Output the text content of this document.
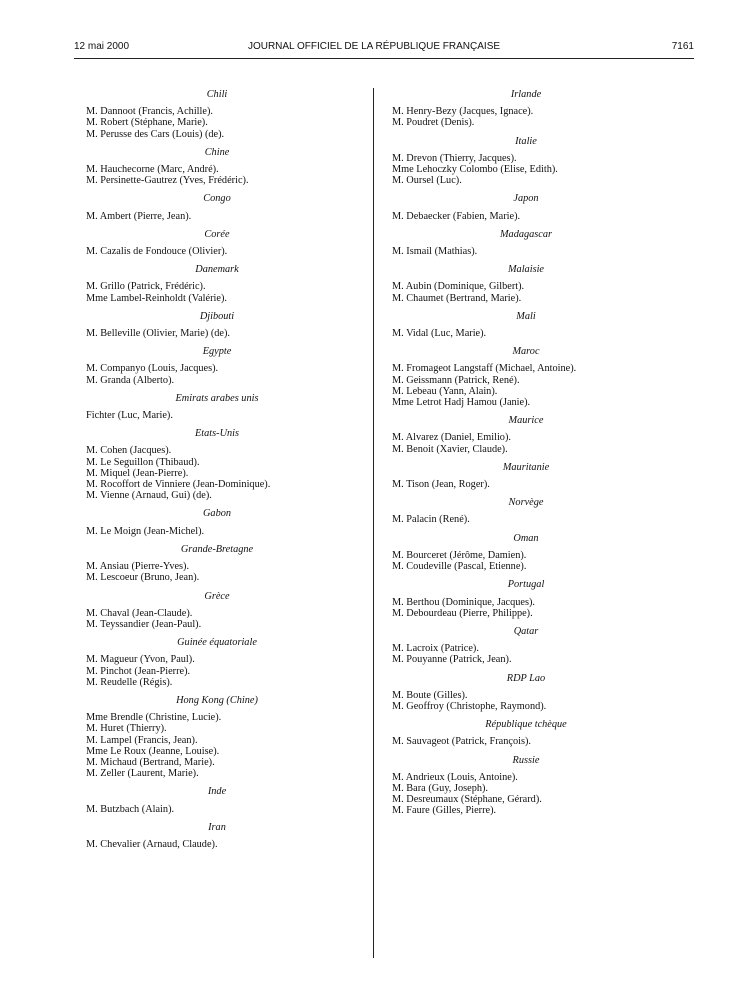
12 mai 2000	JOURNAL OFFICIEL DE LA RÉPUBLIQUE FRANÇAISE	7161
Chili
M. Dannoot (Francis, Achille).
M. Robert (Stéphane, Marie).
M. Perusse des Cars (Louis) (de).
Chine
M. Hauchecorne (Marc, André).
M. Persinette-Gautrez (Yves, Frédéric).
Congo
M. Ambert (Pierre, Jean).
Corée
M. Cazalis de Fondouce (Olivier).
Danemark
M. Grillo (Patrick, Frédéric).
Mme Lambel-Reinholdt (Valérie).
Djibouti
M. Belleville (Olivier, Marie) (de).
Egypte
M. Companyo (Louis, Jacques).
M. Granda (Alberto).
Emirats arabes unis
Fichter (Luc, Marie).
Etats-Unis
M. Cohen (Jacques).
M. Le Seguillon (Thibaud).
M. Miquel (Jean-Pierre).
M. Rocoffort de Vinniere (Jean-Dominique).
M. Vienne (Arnaud, Gui) (de).
Gabon
M. Le Moign (Jean-Michel).
Grande-Bretagne
M. Ansiau (Pierre-Yves).
M. Lescoeur (Bruno, Jean).
Grèce
M. Chaval (Jean-Claude).
M. Teyssandier (Jean-Paul).
Guinée équatoriale
M. Magueur (Yvon, Paul).
M. Pinchot (Jean-Pierre).
M. Reudelle (Régis).
Hong Kong (Chine)
Mme Brendle (Christine, Lucie).
M. Huret (Thierry).
M. Lampel (Francis, Jean).
Mme Le Roux (Jeanne, Louise).
M. Michaud (Bertrand, Marie).
M. Zeller (Laurent, Marie).
Inde
M. Butzbach (Alain).
Iran
M. Chevalier (Arnaud, Claude).
Irlande
M. Henry-Bezy (Jacques, Ignace).
M. Poudret (Denis).
Italie
M. Drevon (Thierry, Jacques).
Mme Lehoczky Colombo (Elise, Edith).
M. Oursel (Luc).
Japon
M. Debaecker (Fabien, Marie).
Madagascar
M. Ismail (Mathias).
Malaisie
M. Aubin (Dominique, Gilbert).
M. Chaumet (Bertrand, Marie).
Mali
M. Vidal (Luc, Marie).
Maroc
M. Fromageot Langstaff (Michael, Antoine).
M. Geissmann (Patrick, René).
M. Lebeau (Yann, Alain).
Mme Letrot Hadj Hamou (Janie).
Maurice
M. Alvarez (Daniel, Emilio).
M. Benoit (Xavier, Claude).
Mauritanie
M. Tison (Jean, Roger).
Norvège
M. Palacin (René).
Oman
M. Bourceret (Jérôme, Damien).
M. Coudeville (Pascal, Etienne).
Portugal
M. Berthou (Dominique, Jacques).
M. Debourdeau (Pierre, Philippe).
Qatar
M. Lacroix (Patrice).
M. Pouyanne (Patrick, Jean).
RDP Lao
M. Boute (Gilles).
M. Geoffroy (Christophe, Raymond).
République tchèque
M. Sauvageot (Patrick, François).
Russie
M. Andrieux (Louis, Antoine).
M. Bara (Guy, Joseph).
M. Desreumaux (Stéphane, Gérard).
M. Faure (Gilles, Pierre).
